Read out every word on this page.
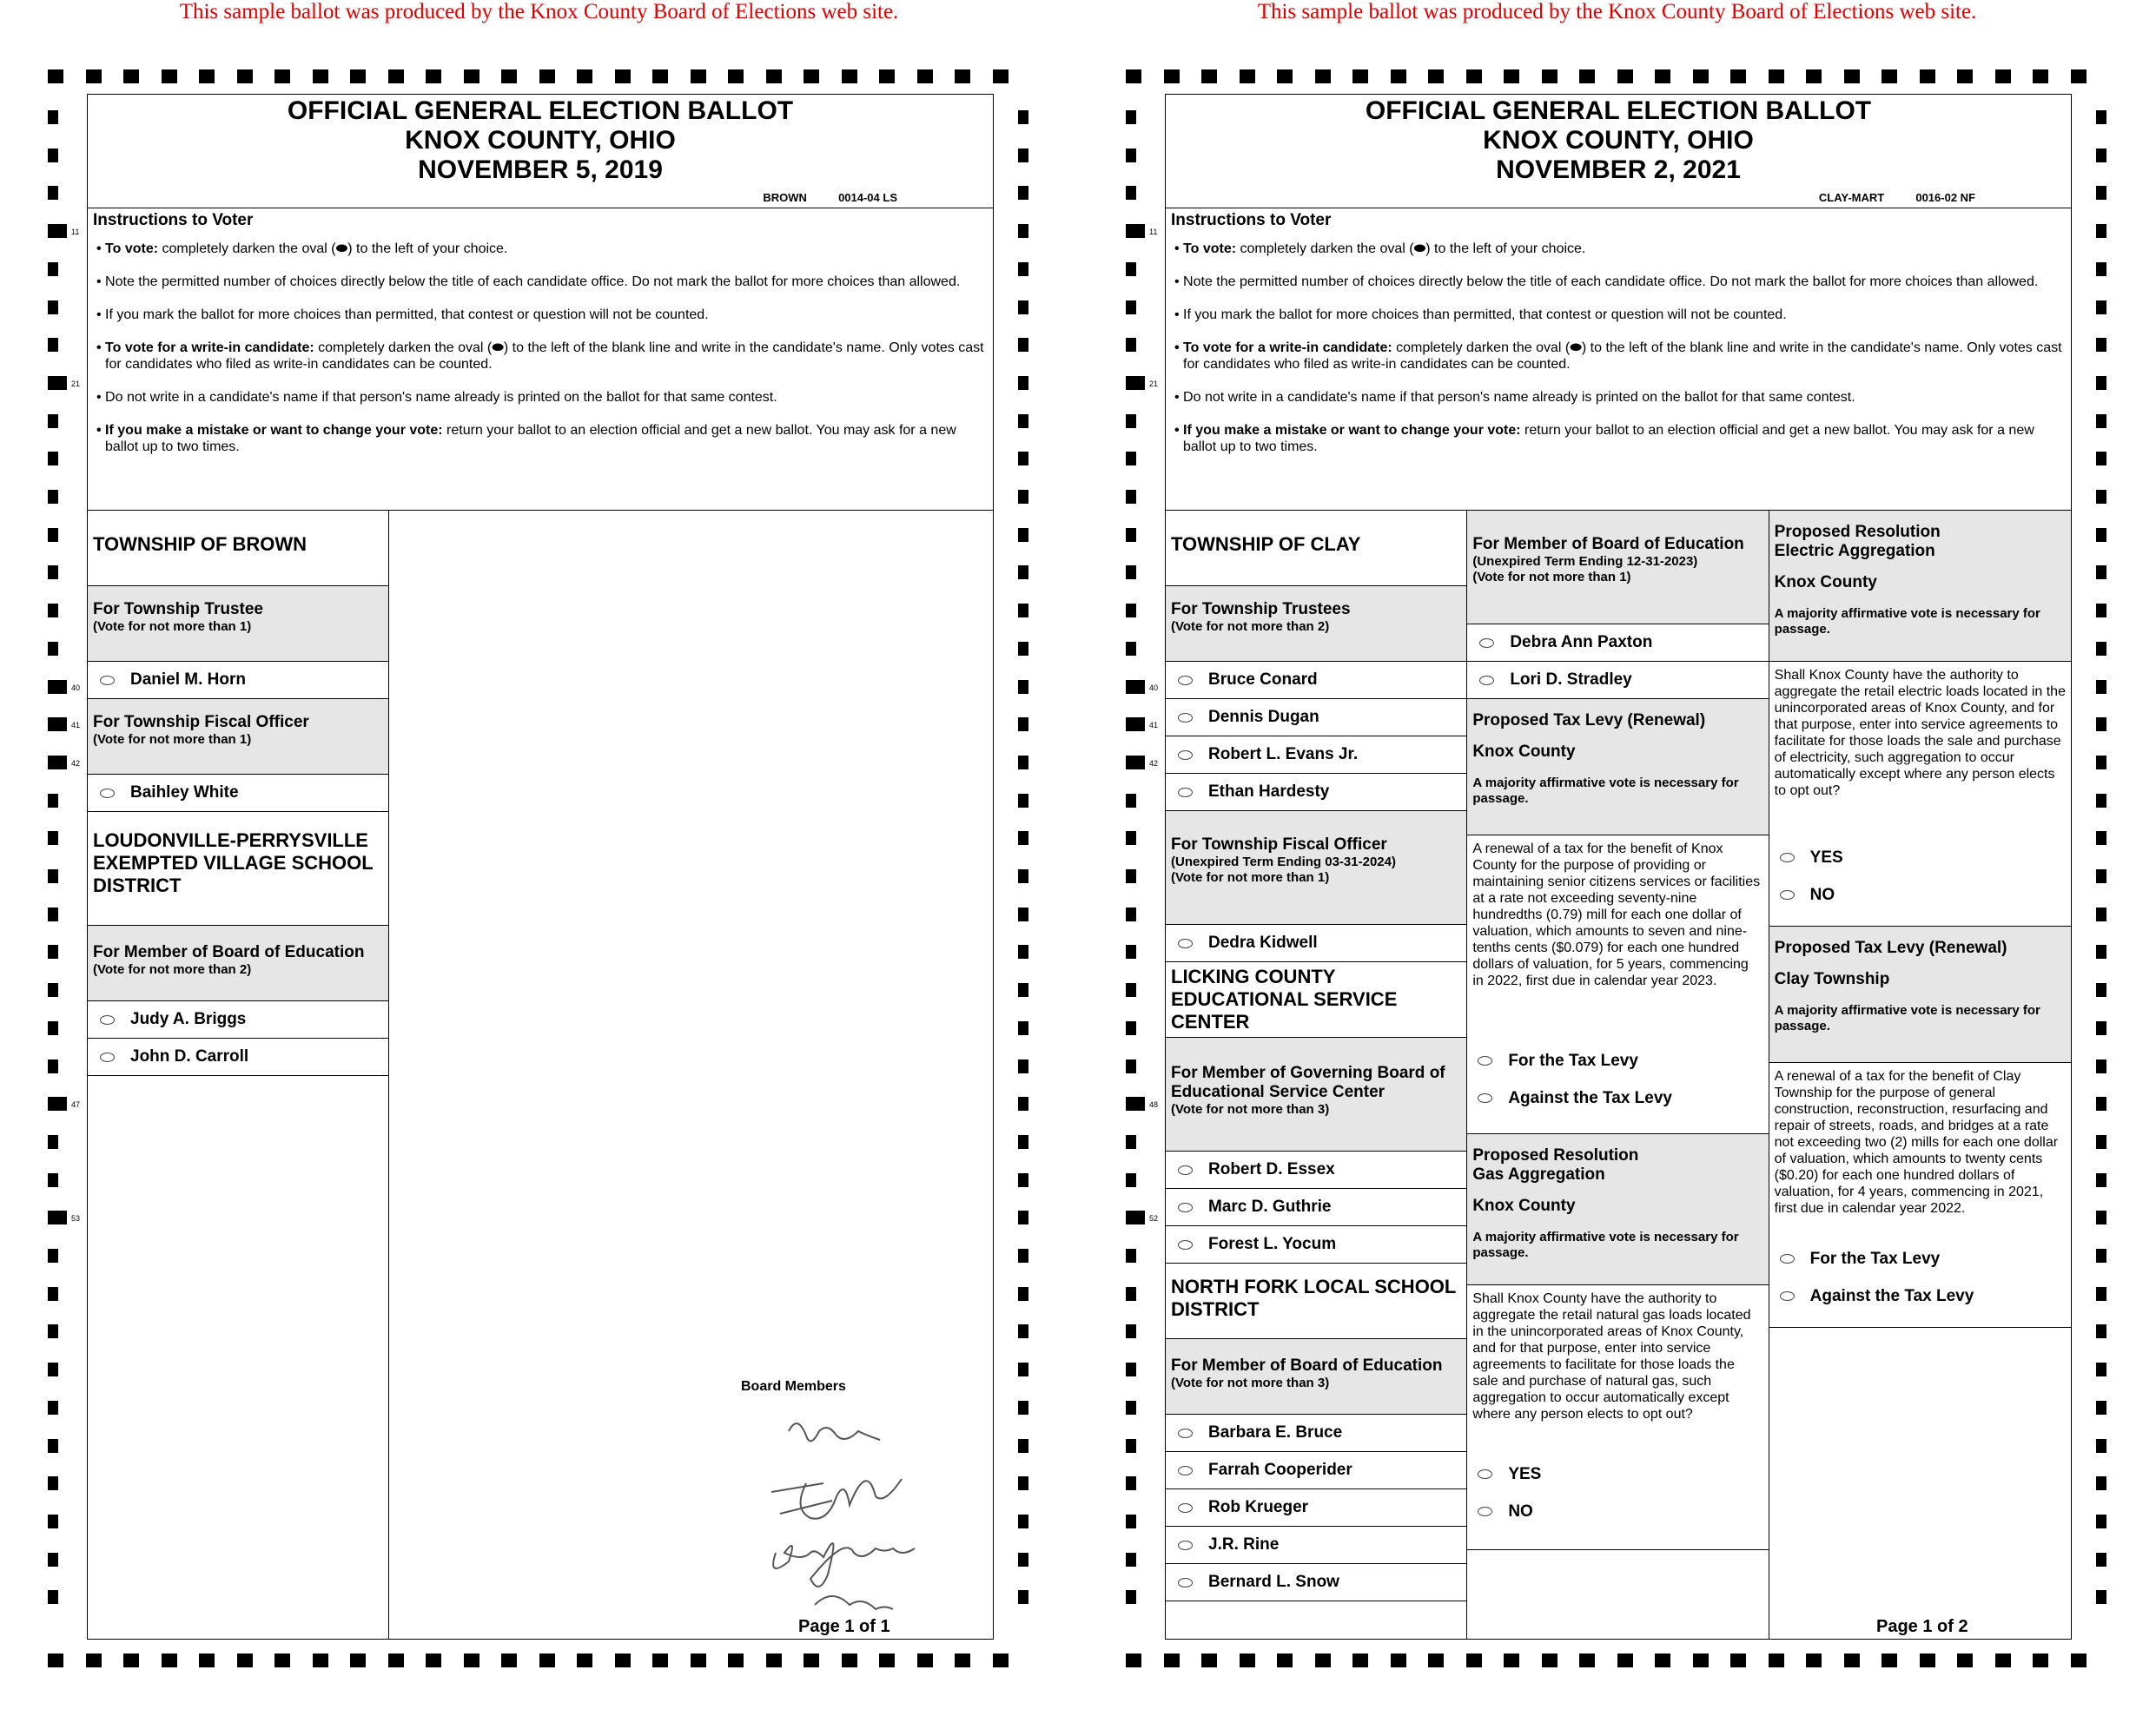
This sample ballot was produced by the Knox County Board of Elections web site.
OFFICIAL GENERAL ELECTION BALLOT
KNOX COUNTY, OHIO
NOVEMBER 5, 2019
BROWN	0014-04 LS
Instructions to Voter
• To vote: completely darken the oval (⬬) to the left of your choice.
• Note the permitted number of choices directly below the title of each candidate office. Do not mark the ballot for more choices than allowed.
• If you mark the ballot for more choices than permitted, that contest or question will not be counted.
• To vote for a write-in candidate: completely darken the oval (⬬) to the left of the blank line and write in the candidate's name. Only votes cast for candidates who filed as write-in candidates can be counted.
• Do not write in a candidate's name if that person's name already is printed on the ballot for that same contest.
• If you make a mistake or want to change your vote: return your ballot to an election official and get a new ballot. You may ask for a new ballot up to two times.
TOWNSHIP OF BROWN
For Township Trustee
(Vote for not more than 1)
Daniel M. Horn
For Township Fiscal Officer
(Vote for not more than 1)
Baihley White
LOUDONVILLE-PERRYSVILLE EXEMPTED VILLAGE SCHOOL DISTRICT
For Member of Board of Education
(Vote for not more than 2)
Judy A. Briggs
John D. Carroll
Board Members
Page 1 of 1
11
21
40
41
42
47
53
This sample ballot was produced by the Knox County Board of Elections web site.
OFFICIAL GENERAL ELECTION BALLOT
KNOX COUNTY, OHIO
NOVEMBER 2, 2021
CLAY-MART	0016-02 NF
Instructions to Voter
• To vote: completely darken the oval (⬬) to the left of your choice.
• Note the permitted number of choices directly below the title of each candidate office. Do not mark the ballot for more choices than allowed.
• If you mark the ballot for more choices than permitted, that contest or question will not be counted.
• To vote for a write-in candidate: completely darken the oval (⬬) to the left of the blank line and write in the candidate's name. Only votes cast for candidates who filed as write-in candidates can be counted.
• Do not write in a candidate's name if that person's name already is printed on the ballot for that same contest.
• If you make a mistake or want to change your vote: return your ballot to an election official and get a new ballot. You may ask for a new ballot up to two times.
TOWNSHIP OF CLAY
For Township Trustees
(Vote for not more than 2)
Bruce Conard
Dennis Dugan
Robert L. Evans Jr.
Ethan Hardesty
For Township Fiscal Officer
(Unexpired Term Ending 03-31-2024)
(Vote for not more than 1)
Dedra Kidwell
LICKING COUNTY EDUCATIONAL SERVICE CENTER
For Member of Governing Board of Educational Service Center
(Vote for not more than 3)
Robert D. Essex
Marc D. Guthrie
Forest L. Yocum
NORTH FORK LOCAL SCHOOL DISTRICT
For Member of Board of Education
(Vote for not more than 3)
Barbara E. Bruce
Farrah Cooperider
Rob Krueger
J.R. Rine
Bernard L. Snow
For Member of Board of Education
(Unexpired Term Ending 12-31-2023)
(Vote for not more than 1)
Debra Ann Paxton
Lori D. Stradley
Proposed Tax Levy (Renewal)
Knox County
A majority affirmative vote is necessary for passage.
A renewal of a tax for the benefit of Knox County for the purpose of providing or maintaining senior citizens services or facilities at a rate not exceeding seventy-nine hundredths (0.79) mill for each one dollar of valuation, which amounts to seven and nine-tenths cents ($0.079) for each one hundred dollars of valuation, for 5 years, commencing in 2022, first due in calendar year 2023.
For the Tax Levy
Against the Tax Levy
Proposed Resolution
Gas Aggregation
Knox County
A majority affirmative vote is necessary for passage.
Shall Knox County have the authority to aggregate the retail natural gas loads located in the unincorporated areas of Knox County, and for that purpose, enter into service agreements to facilitate for those loads the sale and purchase of natural gas, such aggregation to occur automatically except where any person elects to opt out?
YES
NO
Proposed Resolution
Electric Aggregation
Knox County
A majority affirmative vote is necessary for passage.
Shall Knox County have the authority to aggregate the retail electric loads located in the unincorporated areas of Knox County, and for that purpose, enter into service agreements to facilitate for those loads the sale and purchase of electricity, such aggregation to occur automatically except where any person elects to opt out?
YES
NO
Proposed Tax Levy (Renewal)
Clay Township
A majority affirmative vote is necessary for passage.
A renewal of a tax for the benefit of Clay Township for the purpose of general construction, reconstruction, resurfacing and repair of streets, roads, and bridges at a rate not exceeding two (2) mills for each one dollar of valuation, which amounts to twenty cents ($0.20) for each one hundred dollars of valuation, for 4 years, commencing in 2021, first due in calendar year 2022.
For the Tax Levy
Against the Tax Levy
Page 1 of 2
11
21
40
41
42
48
52
